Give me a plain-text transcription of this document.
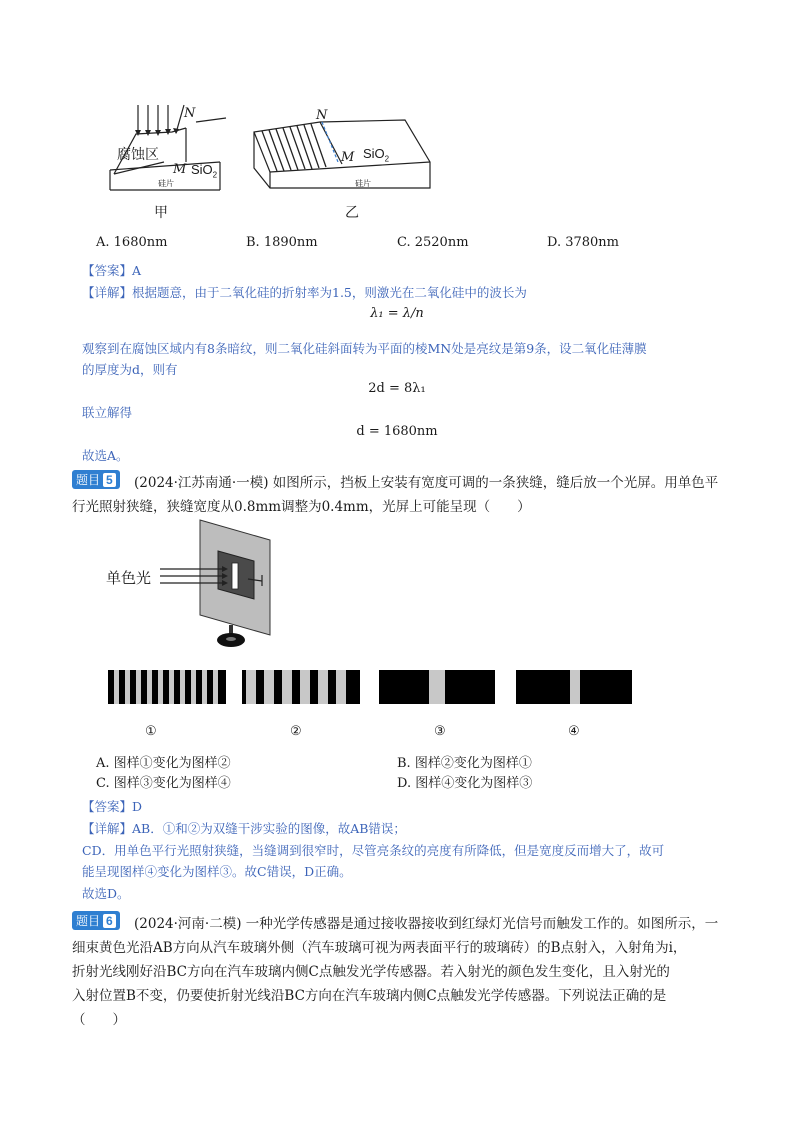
N
腐蚀区
M SiO$_2$
硅片
甲
N
M SiO$_2$
硅片
乙
A. 1680nm	B. 1890nm	C. 2520nm	D. 3780nm
【答案】A
【详解】根据题意，由于二氧化硅的折射率为1.5，则激光在二氧化硅中的波长为
λ₁ = λ/n
观察到在腐蚀区域内有8条暗纹，则二氧化硅斜面转为平面的棱MN处是亮纹是第9条，设二氧化硅薄膜
的厚度为d，则有
2d = 8λ₁
联立解得
d = 1680nm
故选A。
题目 5	(2024·江苏南通·一模) 如图所示，挡板上安装有宽度可调的一条狭缝，缝后放一个光屏。用单色平
行光照射狭缝，狭缝宽度从0.8mm调整为0.4mm，光屏上可能呈现（　　）
单色光
①	②	③	④
A. 图样①变化为图样②	B. 图样②变化为图样①
C. 图样③变化为图样④	D. 图样④变化为图样③
【答案】D
【详解】AB．①和②为双缝干涉实验的图像，故AB错误；
CD．用单色平行光照射狭缝，当缝调到很窄时，尽管亮条纹的亮度有所降低，但是宽度反而增大了，故可
能呈现图样④变化为图样③。故C错误，D正确。
故选D。
题目 6	(2024·河南·二模) 一种光学传感器是通过接收器接收到红绿灯光信号而触发工作的。如图所示，一
细束黄色光沿AB方向从汽车玻璃外侧（汽车玻璃可视为两表面平行的玻璃砖）的B点射入，入射角为i，
折射光线刚好沿BC方向在汽车玻璃内侧C点触发光学传感器。若入射光的颜色发生变化，且入射光的
入射位置B不变，仍要使折射光线沿BC方向在汽车玻璃内侧C点触发光学传感器。下列说法正确的是
（　　）
